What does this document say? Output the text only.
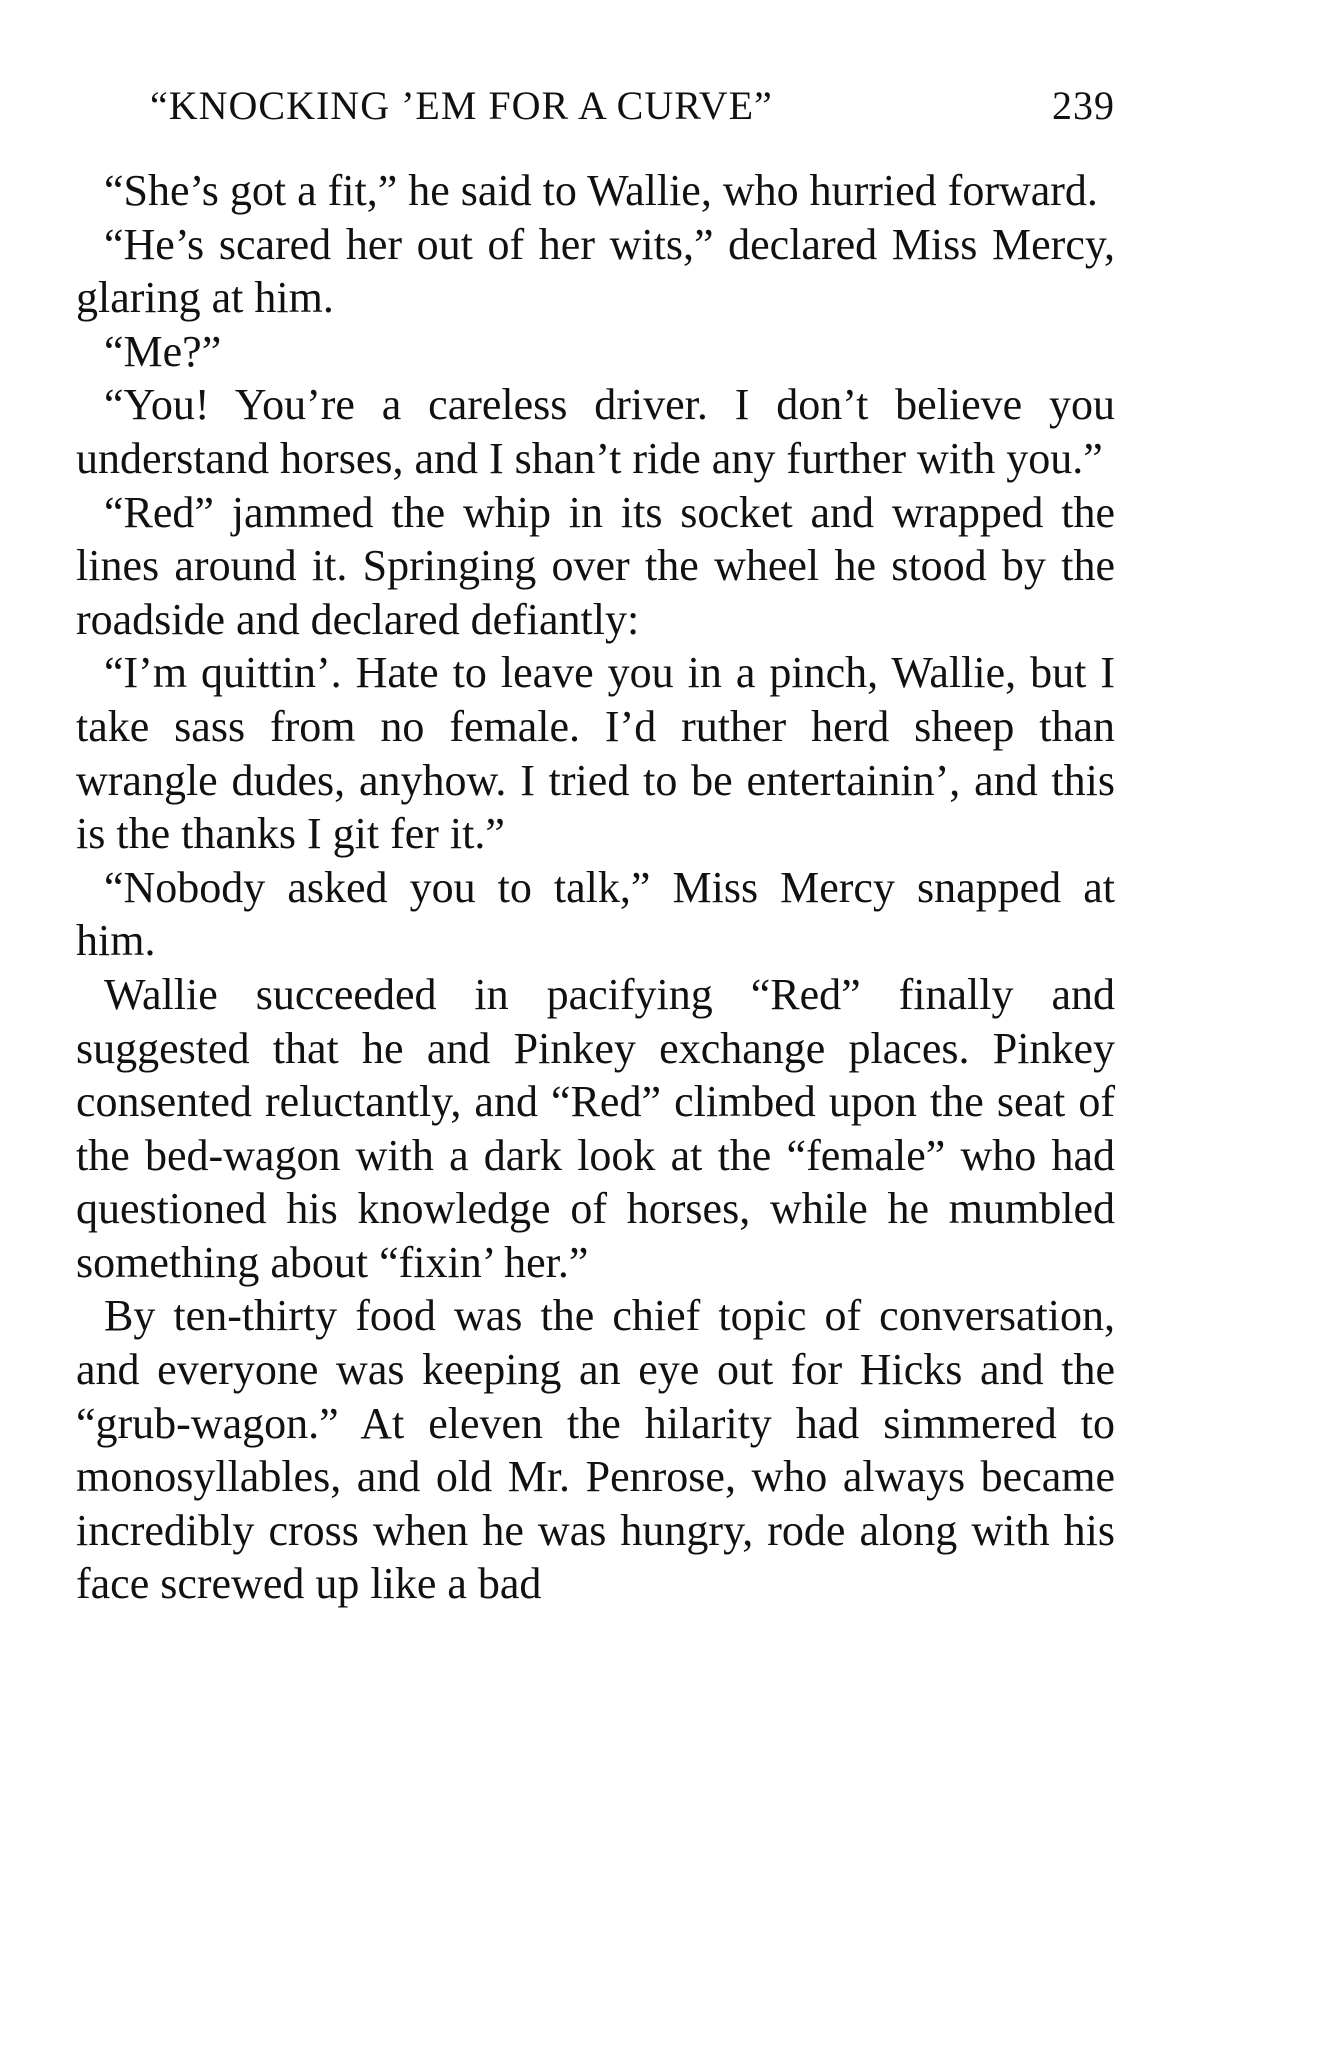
“KNOCKING ’EM FOR A CURVE”	239

“She’s got a fit,” he said to Wallie, who hurried forward.

“He’s scared her out of her wits,” declared Miss Mercy, glaring at him.

“Me?”

“You! You’re a careless driver. I don’t believe you understand horses, and I shan’t ride any further with you.”

“Red” jammed the whip in its socket and wrapped the lines around it. Springing over the wheel he stood by the roadside and declared defiantly:

“I’m quittin’. Hate to leave you in a pinch, Wallie, but I take sass from no female. I’d ruther herd sheep than wrangle dudes, anyhow. I tried to be entertainin’, and this is the thanks I git fer it.”

“Nobody asked you to talk,” Miss Mercy snapped at him.

Wallie succeeded in pacifying “Red” finally and suggested that he and Pinkey exchange places. Pinkey consented reluctantly, and “Red” climbed upon the seat of the bed-wagon with a dark look at the “female” who had questioned his knowledge of horses, while he mumbled something about “fixin’ her.”

By ten-thirty food was the chief topic of conversation, and everyone was keeping an eye out for Hicks and the “grub-wagon.” At eleven the hilarity had simmered to monosyllables, and old Mr. Penrose, who always became incredibly cross when he was hungry, rode along with his face screwed up like a bad
